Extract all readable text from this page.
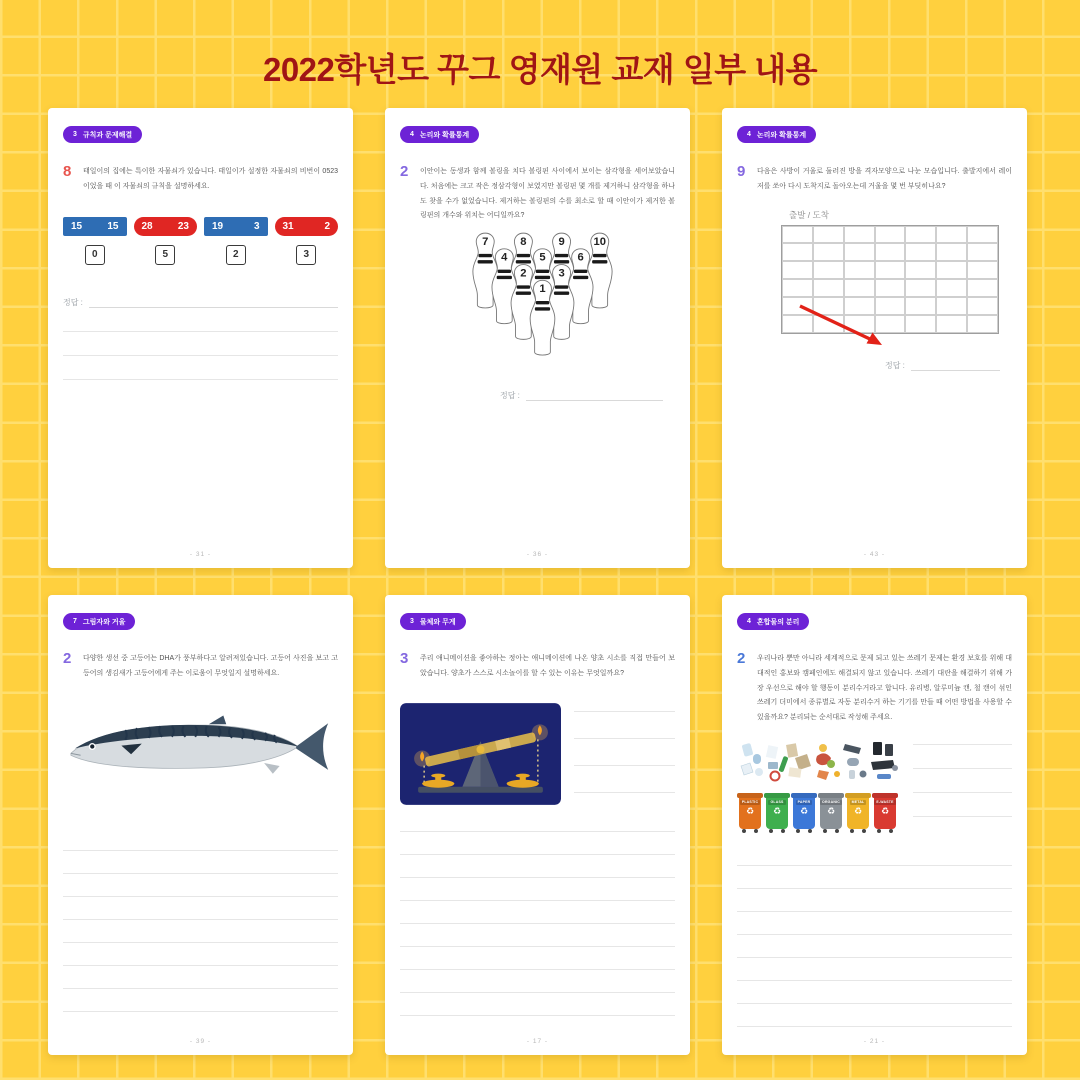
2022학년도 꾸그 영재원 교재 일부 내용
3 규칙과 문제해결
8	태일이의 집에는 특이한 자물쇠가 있습니다. 태일이가 설정한 자물쇠의 비번이 0523 이었을 때 이 자물쇠의 규칙을 설명하세요.

15	15 28	23 19	3 31	2
0	5	2	3
정답 :
- 31 -
4 논리와 확률통계
2	이안이는 동생과 함께 볼링을 치다 볼링핀 사이에서 보이는 삼각형을 세어보았습니다. 처음에는 크고 작은 정삼각형이 보였지만 볼링핀 몇 개를 제거하니 삼각형을 하나도 찾을 수가 없었습니다. 제거하는 볼링핀의 수를 최소로 할 때 이안이가 제거한 볼링핀의 개수와 위치는 어디일까요?

7	8	9	10
4	5	6
2	3
1
정답 :
- 36 -
4 논리와 확률통계
9	다음은 사방이 거울로 둘러진 방을 격자모양으로 나눈 모습입니다. 출발지에서 레이저를 쏘아 다시 도착지로 돌아오는데 거울을 몇 번 부딪히나요?

출발 / 도착
정답 :
- 43 -
7 그림자와 거울
2	다양한 생선 중 고등어는 DHA가 풍부하다고 알려져있습니다. 고등어 사진을 보고 고등어의 생김새가 고등어에게 주는 이로움이 무엇일지 설명하세요.

- 39 -
3 물체와 무게
3	주리 애니메이션을 좋아하는 정아는 애니메이션에 나온 양초 시소를 직접 만들어 보았습니다. 양초가 스스로 시소놀이를 할 수 있는 이유는 무엇일까요?

- 17 -
4 혼합물의 분리
2	우리나라 뿐만 아니라 세계적으로 문제 되고 있는 쓰레기 문제는 환경 보호를 위해 대대적인 홍보와 캠페인에도 해결되지 않고 있습니다. 쓰레기 대란을 해결하기 위해 가장 우선으로 해야 할 행동이 분리수거라고 합니다. 유리병, 알루미늄 캔, 철 캔이 섞인 쓰레기 더미에서 종류별로 자동 분리수거 하는 기기를 만들 때 어떤 방법을 사용할 수 있을까요? 분리되는 순서대로 작성해 주세요.

PLASTIC
♻
GLASS
♻
PAPER
♻
ORGANIC
♻
METAL
♻
E-WASTE
♻
- 21 -
